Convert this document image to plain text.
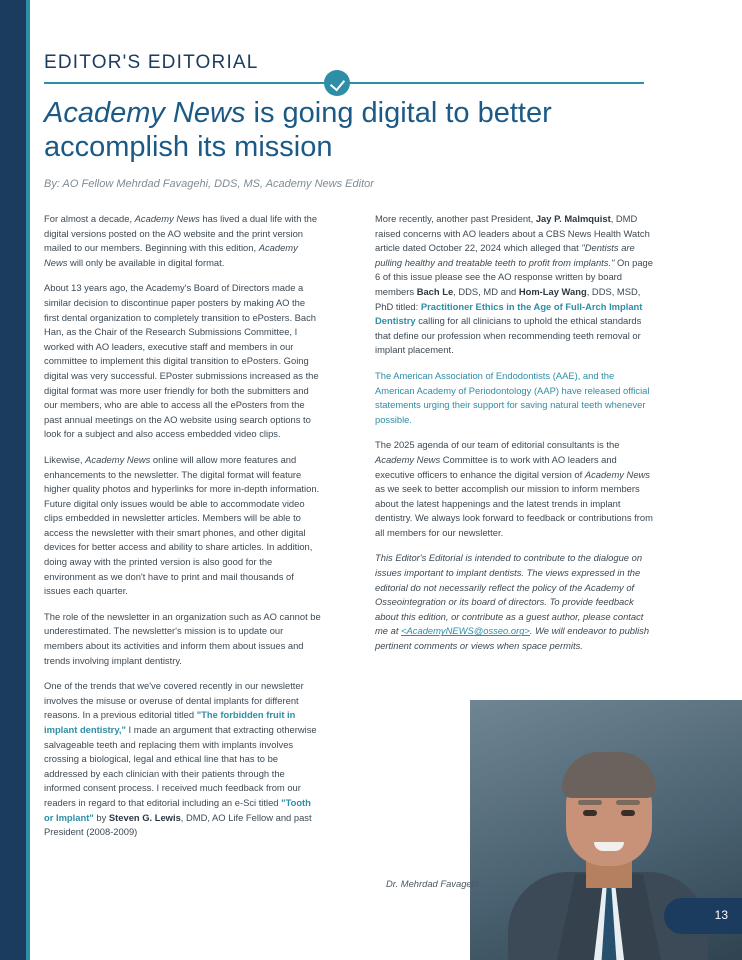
EDITOR'S EDITORIAL
Academy News is going digital to better accomplish its mission
By: AO Fellow Mehrdad Favagehi, DDS, MS, Academy News Editor

For almost a decade, Academy News has lived a dual life with the digital versions posted on the AO website and the print version mailed to our members. Beginning with this edition, Academy News will only be available in digital format.

About 13 years ago, the Academy's Board of Directors made a similar decision to discontinue paper posters by making AO the first dental organization to completely transition to ePosters. Bach Han, as the Chair of the Research Submissions Committee, I worked with AO leaders, executive staff and members in our committee to implement this digital transition to ePosters. Going digital was very successful. EPoster submissions increased as the digital format was more user friendly for both the submitters and our members, who are able to access all the ePosters from the past annual meetings on the AO website using search options to look for a subject and also access embedded video clips.

Likewise, Academy News online will allow more features and enhancements to the newsletter. The digital format will feature higher quality photos and hyperlinks for more in-depth information. Future digital only issues would be able to accommodate video clips embedded in newsletter articles. Members will be able to access the newsletter with their smart phones, and other digital devices for better access and ability to share articles. In addition, doing away with the printed version is also good for the environment as we don't have to print and mail thousands of issues each quarter.

The role of the newsletter in an organization such as AO cannot be underestimated. The newsletter's mission is to update our members about its activities and inform them about issues and trends involving implant dentistry.

One of the trends that we've covered recently in our newsletter involves the misuse or overuse of dental implants for different reasons. In a previous editorial titled "The forbidden fruit in implant dentistry," I made an argument that extracting otherwise salvageable teeth and replacing them with implants involves crossing a biological, legal and ethical line that has to be addressed by each clinician with their patients through the informed consent process. I received much feedback from our readers in regard to that editorial including an e-Sci titled "Tooth or Implant" by Steven G. Lewis, DMD, AO Life Fellow and past President (2008-2009)

More recently, another past President, Jay P. Malmquist, DMD raised concerns with AO leaders about a CBS News Health Watch article dated October 22, 2024 which alleged that "Dentists are pulling healthy and treatable teeth to profit from implants." On page 6 of this issue please see the AO response written by board members Bach Le, DDS, MD and Hom-Lay Wang, DDS, MSD, PhD titled: Practitioner Ethics in the Age of Full-Arch Implant Dentistry calling for all clinicians to uphold the ethical standards that define our profession when recommending teeth removal or implant placement.

The American Association of Endodontists (AAE), and the American Academy of Periodontology (AAP) have released official statements urging their support for saving natural teeth whenever possible.

The 2025 agenda of our team of editorial consultants is the Academy News Committee is to work with AO leaders and executive officers to enhance the digital version of Academy News as we seek to better accomplish our mission to inform members about the latest happenings and the latest trends in implant dentistry. We always look forward to feedback or contributions from all members for our newsletter.

This Editor's Editorial is intended to contribute to the dialogue on issues important to implant dentists. The views expressed in the editorial do not necessarily reflect the policy of the Academy of Osseointegration or its board of directors. To provide feedback about this edition, or contribute as a guest author, please contact me at <AcademyNEWS@osseo.org>. We will endeavor to publish pertinent comments or views when space permits.

Dr. Mehrdad Favagehi
13
